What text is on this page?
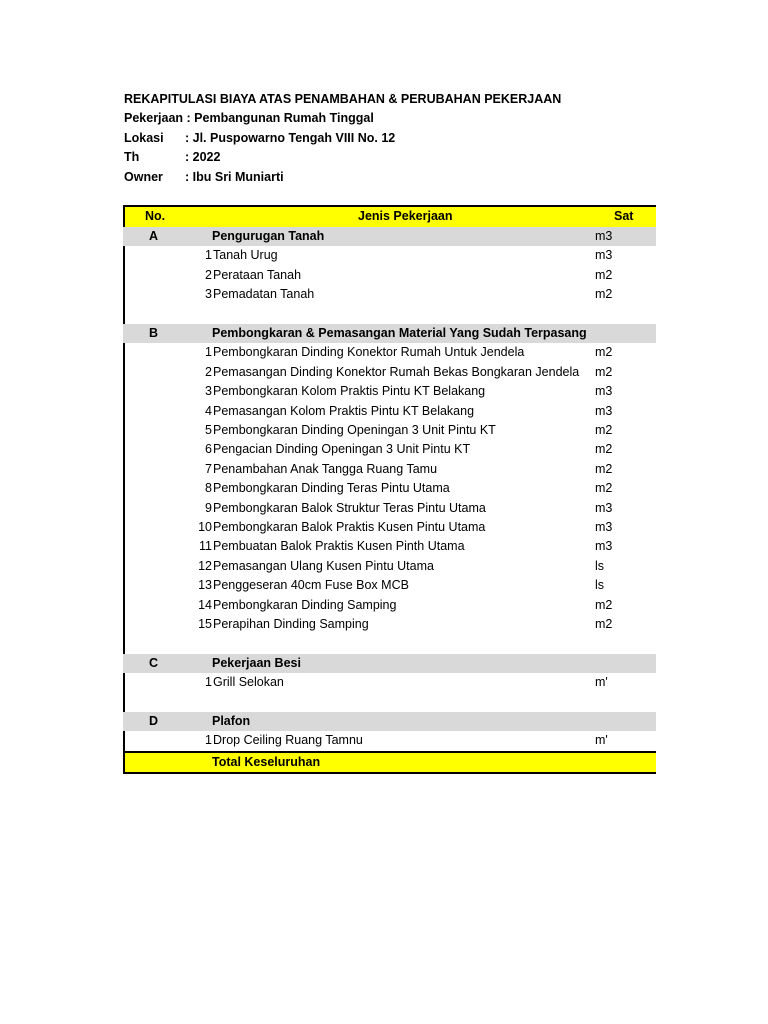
REKAPITULASI BIAYA ATAS PENAMBAHAN & PERUBAHAN PEKERJAAN
Pekerjaan : Pembangunan Rumah Tinggal
Lokasi : Jl. Puspowarno Tengah VIII No. 12
Th	: 2022
Owner : Ibu Sri Muniarti
No.	Jenis Pekerjaan	Sat
A	Pengurugan Tanah	m3
1 Tanah Urug	m3
2 Perataan Tanah	m2
3 Pemadatan Tanah	m2
B	Pembongkaran & Pemasangan Material Yang Sudah Terpasang
1 Pembongkaran Dinding Konektor Rumah Untuk Jendela	m2
2 Pemasangan Dinding Konektor Rumah Bekas Bongkaran Jendela m2
3 Pembongkaran Kolom Praktis Pintu KT Belakang	m3
4 Pemasangan Kolom Praktis Pintu KT Belakang	m3
5 Pembongkaran Dinding Openingan 3 Unit Pintu KT	m2
6 Pengacian Dinding Openingan 3 Unit Pintu KT	m2
7 Penambahan Anak Tangga Ruang Tamu	m2
8 Pembongkaran Dinding Teras Pintu Utama	m2
9 Pembongkaran Balok Struktur Teras Pintu Utama	m3
10 Pembongkaran Balok Praktis Kusen Pintu Utama	m3
11 Pembuatan Balok Praktis Kusen Pinth Utama	m3
12 Pemasangan Ulang Kusen Pintu Utama	ls
13 Penggeseran 40cm Fuse Box MCB	ls
14 Pembongkaran Dinding Samping	m2
15 Perapihan Dinding Samping	m2
C	Pekerjaan Besi
1 Grill Selokan	m'
D	Plafon
1 Drop Ceiling Ruang Tamnu	m'
Total Keseluruhan
